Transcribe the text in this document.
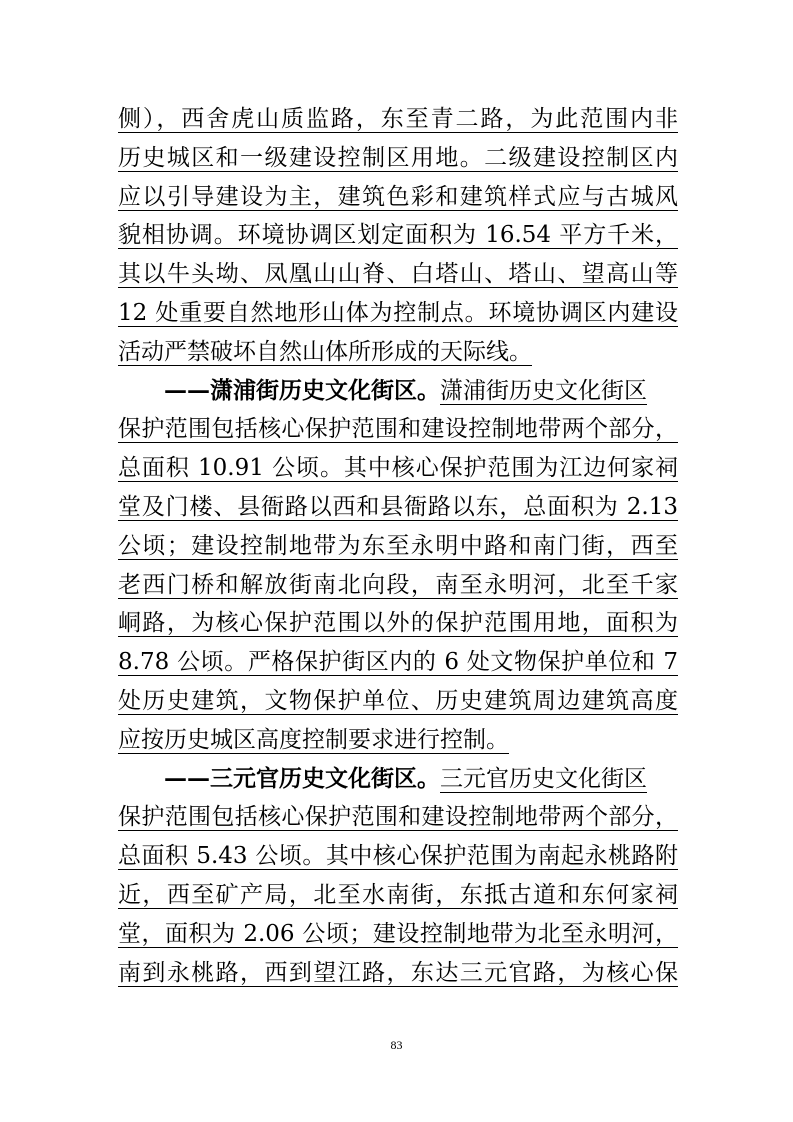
侧），西舍虎山质监路，东至青二路，为此范围内非
历史城区和一级建设控制区用地。二级建设控制区内
应以引导建设为主，建筑色彩和建筑样式应与古城风
貌相协调。环境协调区划定面积为 16.54 平方千米，
其以牛头坳、凤凰山山脊、白塔山、塔山、望高山等
12 处重要自然地形山体为控制点。环境协调区内建设
活动严禁破坏自然山体所形成的天际线。
——潇浦街历史文化街区。潇浦街历史文化街区
保护范围包括核心保护范围和建设控制地带两个部分，
总面积 10.91 公顷。其中核心保护范围为江边何家祠
堂及门楼、县衙路以西和县衙路以东，总面积为 2.13
公顷；建设控制地带为东至永明中路和南门街，西至
老西门桥和解放街南北向段，南至永明河，北至千家
峒路，为核心保护范围以外的保护范围用地，面积为
8.78 公顷。严格保护街区内的 6 处文物保护单位和 7
处历史建筑，文物保护单位、历史建筑周边建筑高度
应按历史城区高度控制要求进行控制。
——三元官历史文化街区。三元官历史文化街区
保护范围包括核心保护范围和建设控制地带两个部分，
总面积 5.43 公顷。其中核心保护范围为南起永桃路附
近，西至矿产局，北至水南街，东抵古道和东何家祠
堂，面积为 2.06 公顷；建设控制地带为北至永明河，
南到永桃路，西到望江路，东达三元官路，为核心保
83
